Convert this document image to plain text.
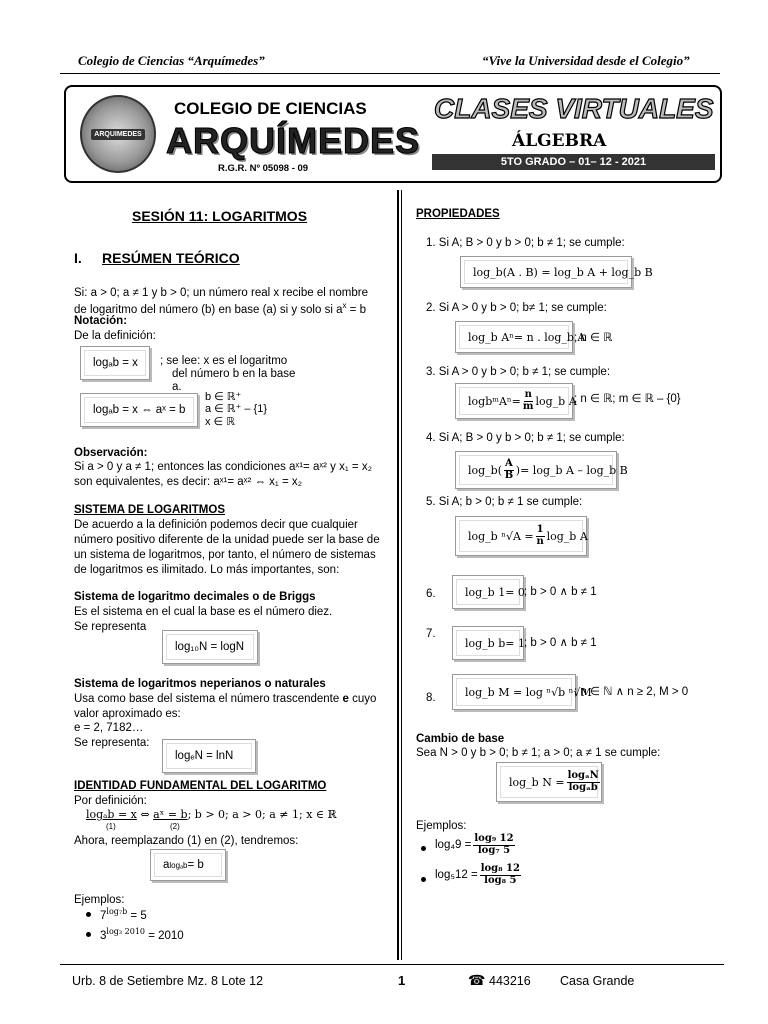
Colegio de Ciencias “Arquímedes”	“Vive la Universidad desde el Colegio”
ARQUIMEDES
COLEGIO DE CIENCIAS
ARQUÍMEDES
R.G.R. Nº 05098 - 09
CLASES VIRTUALES
ÁLGEBRA
5TO GRADO – 01– 12 - 2021
SESIÓN 11: LOGARITMOS
I. RESÚMEN TEÓRICO
Si: a > 0; a ≠ 1 y b > 0; un número real x recibe el nombre
de logaritmo del número (b) en base (a) si y solo si $a^x = b$
Notación:
De la definición:
logₐb = x	; se lee: x es el logaritmo
del número b en la base
a.
logₐb = x ⇔ aˣ = b
b ∈ ℝ⁺
a ∈ ℝ⁺ – {1}
x ∈ ℝ
Observación:
Si a > 0 y a ≠ 1; entonces las condiciones aˣ¹= aˣ² y x₁ = x₂
son equivalentes, es decir: aˣ¹= aˣ² ⇔ x₁ = x₂
SISTEMA DE LOGARITMOS
De acuerdo a la definición podemos decir que cualquier
número positivo diferente de la unidad puede ser la base de
un sistema de logaritmos, por tanto, el número de sistemas
de logaritmos es ilimitado. Lo más importantes, son:
Sistema de logaritmo decimales o de Briggs
Es el sistema en el cual la base es el número diez.
Se representa
log₁₀N = logN
Sistema de logaritmos neperianos o naturales
Usa como base del sistema el número trascendente e cuyo
valor aproximado es:
e = 2, 7182…
Se representa:
logₑN = lnN
IDENTIDAD FUNDAMENTAL DEL LOGARITMO
Por definición:
logₐb = x ⇔ aˣ = b; b > 0; a > 0; a ≠ 1; x ∈ ℝ
(1)	(2)
Ahora, reemplazando (1) en (2), tendremos:
a logₐb = b
Ejemplos:
$7^{log_7b} = 5$
$3^{log_3 2010} = 2010$
PROPIEDADES
1. Si A; B > 0 y b > 0; b ≠ 1; se cumple:
log_b(A . B) = log_b A + log_b B
2. Si A > 0 y b > 0; b≠ 1; se cumple:
log_b Aⁿ= n . log_b A
; n ∈ ℝ
3. Si A > 0 y b > 0; b ≠ 1; se cumple:
log bᵐAⁿ= $\frac{n}{m}$ log_b A
; n ∈ ℝ; m ∈ ℝ – {0}
4. Si A; B > 0 y b > 0; b ≠ 1; se cumple:
log_b ( $\frac{A}{B}$ ) = log_b A – log_b B
5. Si A; b > 0; b ≠ 1 se cumple:
log_b $^n√A = \frac{1}{n}$ log_b A
6.	log_b 1= 0 ; b > 0 ∧ b ≠ 1
7.
log_b b= 1 ; b > 0 ∧ b ≠ 1
8.	log_b M = log ⁿ√b ⁿ√M
; n ∈ ℕ ∧ n ≥ 2, M > 0
Cambio de base
Sea N > 0 y b > 0; b ≠ 1; a > 0; a ≠ 1 se cumple:
log_b $N = \frac{\text{logₐN}}{\text{logₐb}}$
Ejemplos:
$\log_49 = \frac{\text{log₉ 12}}{\text{log₇ 5}}$
$\log_512 = \frac{\text{log₈ 12}}{\text{log₈ 5}}$
Urb. 8 de Setiembre Mz. 8 Lote 12	1	☎ 443216 Casa Grande
